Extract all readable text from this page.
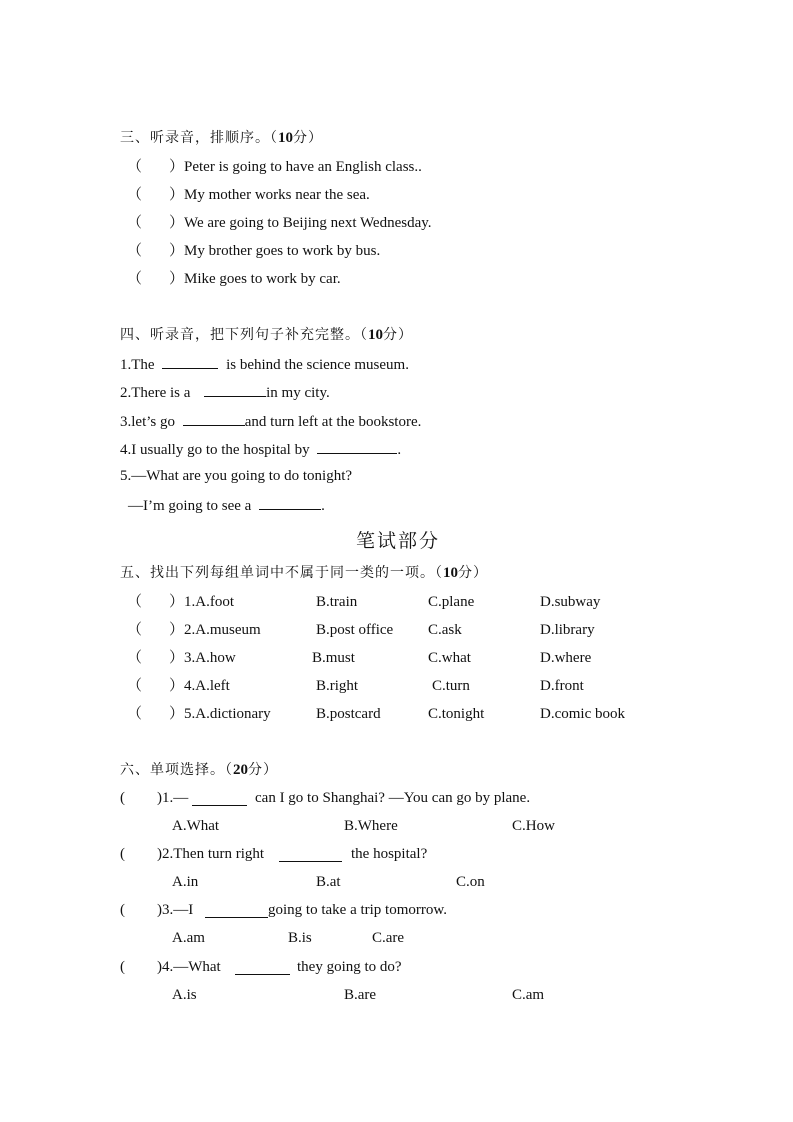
三、听录音，排顺序。（10分）
（ ） Peter is going to have an English class..
（ ） My mother works near the sea.
（ ） We are going to Beijing next Wednesday.
（ ） My brother goes to work by bus.
（ ） Mike goes to work by car.
四、听录音，把下列句子补充完整。（10分）
1.The	is behind the science museum.
2.There is a	in my city.
3.let’s go	and turn left at the bookstore.
4.I usually go to the hospital by	.
5.—What are you going to do tonight?
—I’m going to see a	.
笔试部分
五、找出下列每组单词中不属于同一类的一项。（10分）
（ ） 1.A.foot	B.train	C.plane	D.subway
（ ） 2.A.museum	B.post office C.ask	D.library
（ ） 3.A.how	B.must	C.what	D.where
（ ） 4.A.left	B.right	C.turn	D.front
（ ） 5.A.dictionary	B.postcard	C.tonight	D.comic book
六、单项选择。（20分）
( )1.—	can I go to Shanghai? —You can go by plane.
A.What	B.Where	C.How
( )2.Then turn right	the hospital?
A.in	B.at	C.on
( )3.—I	going to take a trip tomorrow.
A.am	B.is	C.are
( )4.—What	they going to do?
A.is	B.are	C.am
